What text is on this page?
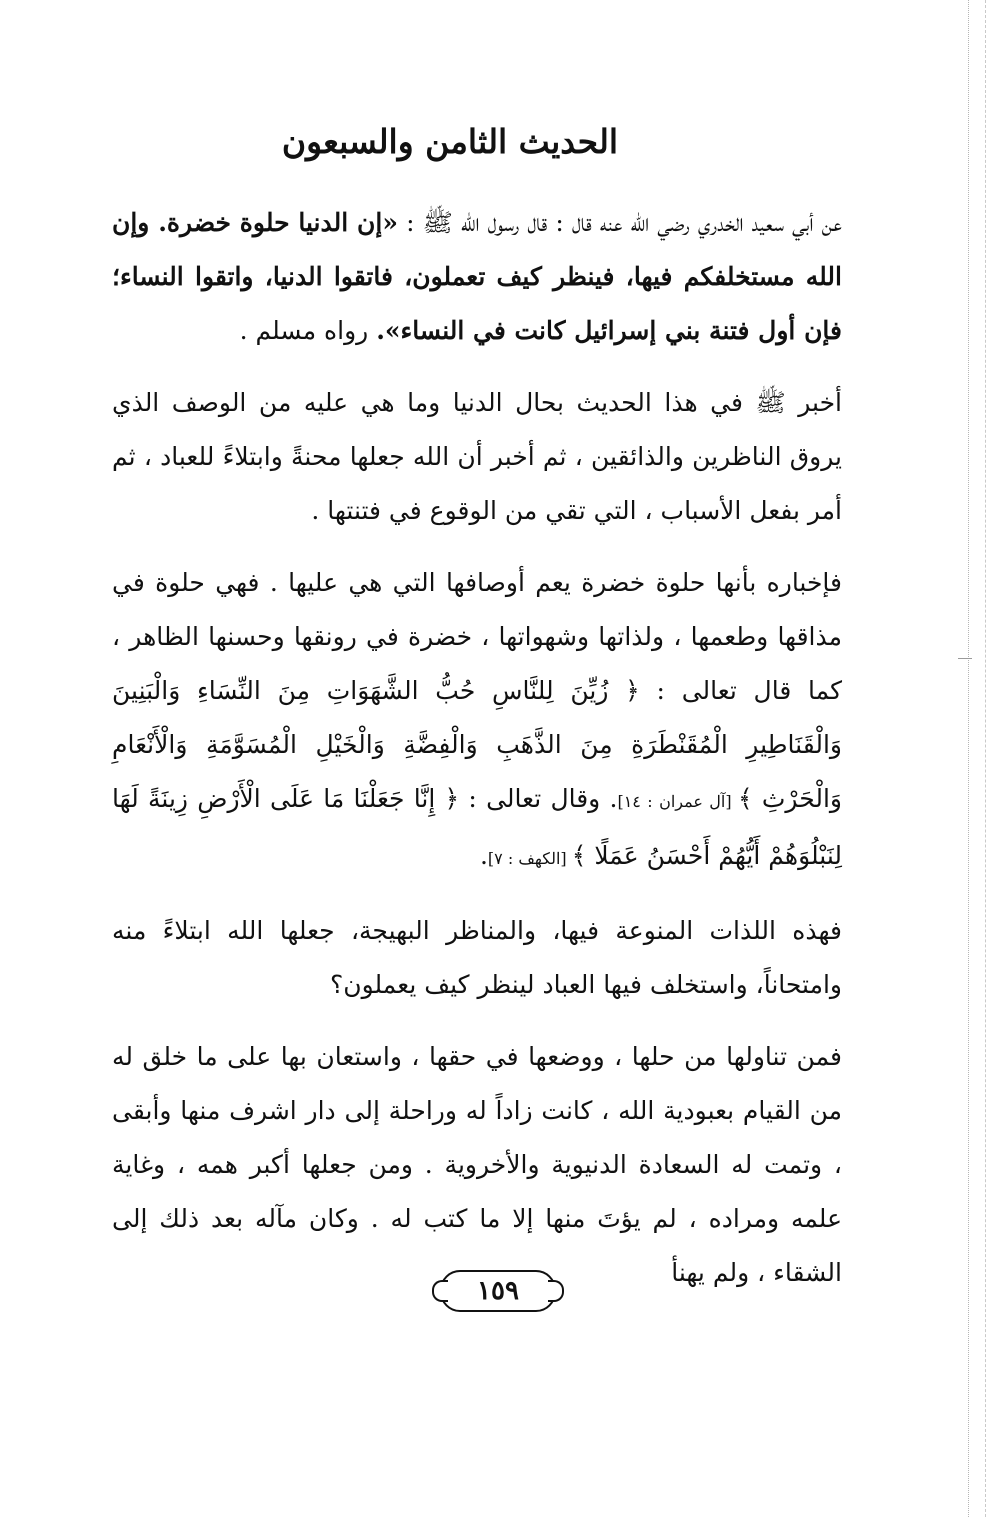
الحديث الثامن والسبعون

عن أبي سعيد الخدري رضي الله عنه قال : قال رسول الله ﷺ : «إن الدنيا حلوة خضرة. وإن الله مستخلفكم فيها، فينظر كيف تعملون، فاتقوا الدنيا، واتقوا النساء؛ فإن أول فتنة بني إسرائيل كانت في النساء». رواه مسلم .

أخبر ﷺ في هذا الحديث بحال الدنيا وما هي عليه من الوصف الذي يروق الناظرين والذائقين ، ثم أخبر أن الله جعلها محنةً وابتلاءً للعباد ، ثم أمر بفعل الأسباب ، التي تقي من الوقوع في فتنتها .

فإخباره بأنها حلوة خضرة يعم أوصافها التي هي عليها . فهي حلوة في مذاقها وطعمها ، ولذاتها وشهواتها ، خضرة في رونقها وحسنها الظاهر ، كما قال تعالى : ﴿ زُيِّنَ لِلنَّاسِ حُبُّ الشَّهَوَاتِ مِنَ النِّسَاءِ وَالْبَنِينَ وَالْقَنَاطِيرِ الْمُقَنْطَرَةِ مِنَ الذَّهَبِ وَالْفِضَّةِ وَالْخَيْلِ الْمُسَوَّمَةِ وَالْأَنْعَامِ وَالْحَرْثِ ﴾ [آل عمران : ١٤]. وقال تعالى : ﴿ إِنَّا جَعَلْنَا مَا عَلَى الْأَرْضِ زِينَةً لَهَا لِنَبْلُوَهُمْ أَيُّهُمْ أَحْسَنُ عَمَلًا ﴾ [الكهف : ٧].

فهذه اللذات المنوعة فيها، والمناظر البهيجة، جعلها الله ابتلاءً منه وامتحاناً، واستخلف فيها العباد لينظر كيف يعملون؟

فمن تناولها من حلها ، ووضعها في حقها ، واستعان بها على ما خلق له من القيام بعبودية الله ، كانت زاداً له وراحلة إلى دار اشرف منها وأبقى ، وتمت له السعادة الدنيوية والأخروية . ومن جعلها أكبر همه ، وغاية علمه ومراده ، لم يؤتَ منها إلا ما كتب له . وكان مآله بعد ذلك إلى الشقاء ، ولم يهنأ

١٥٩
